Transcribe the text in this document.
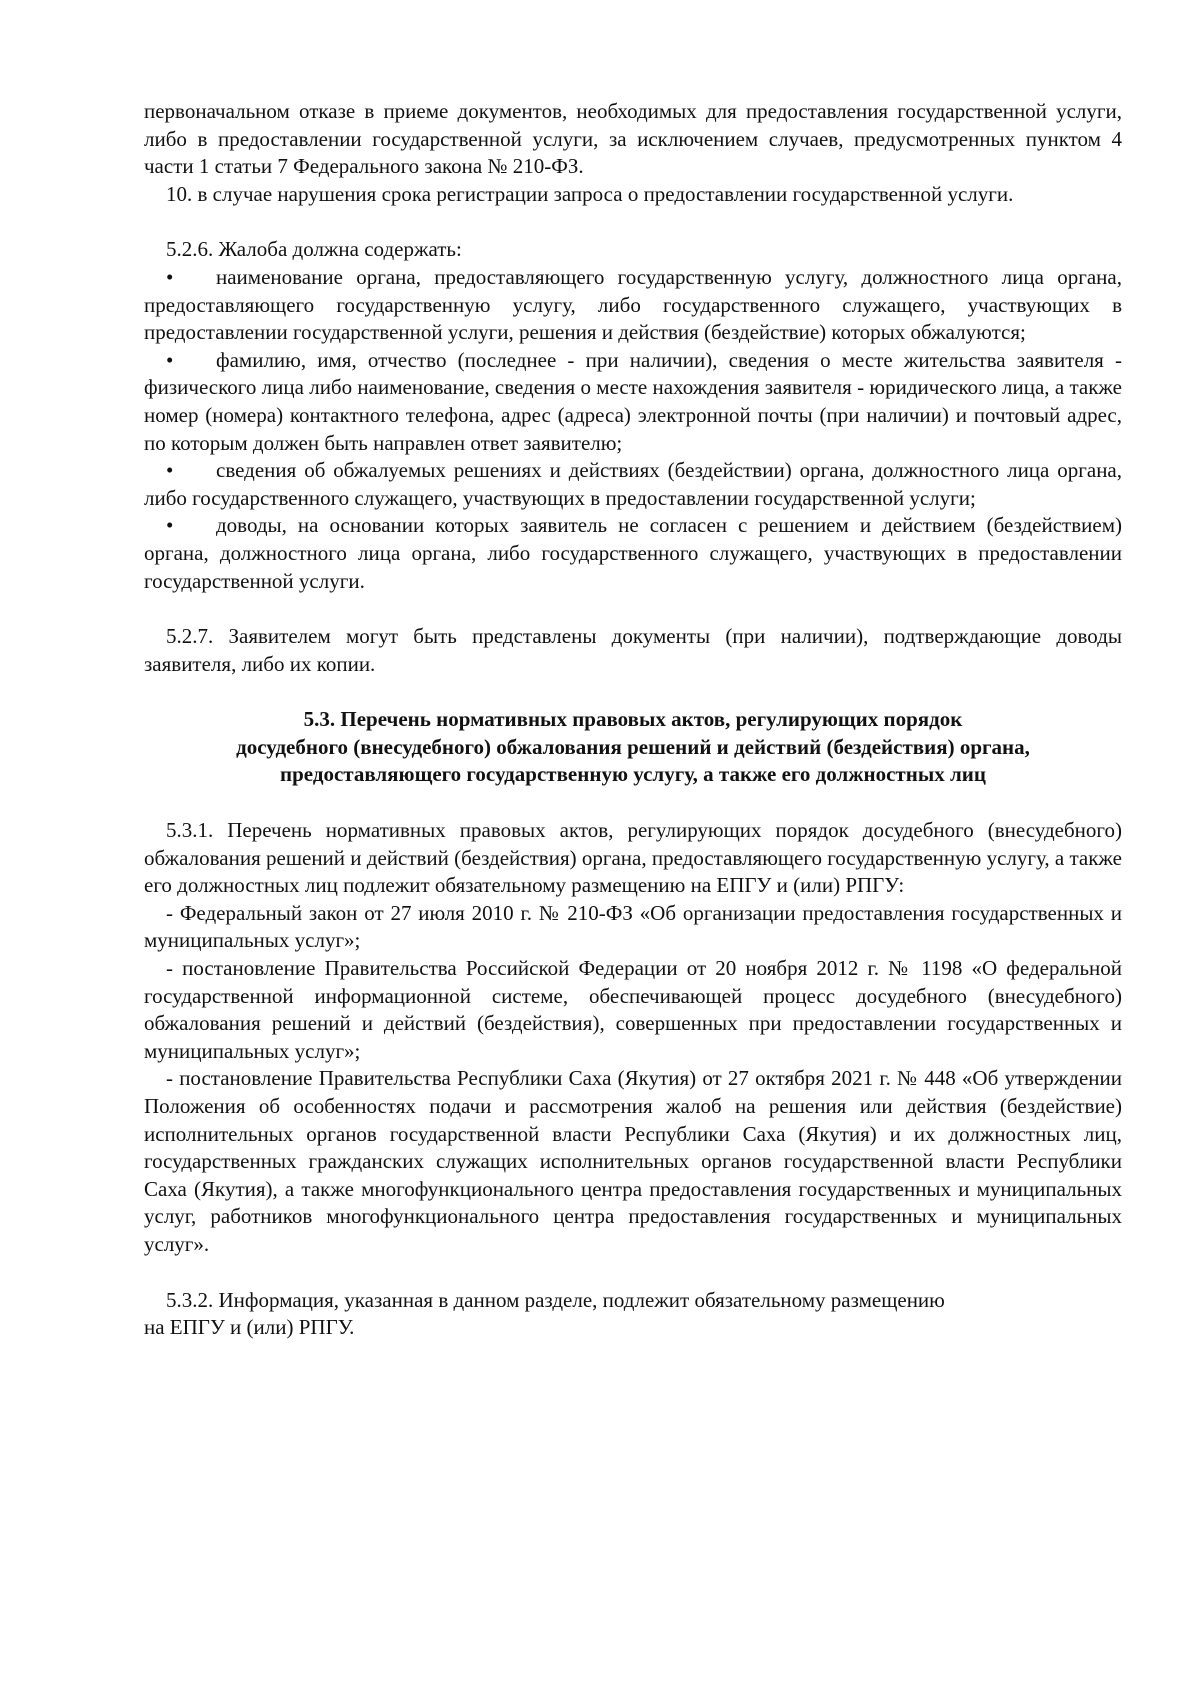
первоначальном отказе в приеме документов, необходимых для предоставления государственной услуги, либо в предоставлении государственной услуги, за исключением случаев, предусмотренных пунктом 4 части 1 статьи 7 Федерального закона № 210-ФЗ.

10. в случае нарушения срока регистрации запроса о предоставлении государственной услуги.

5.2.6. Жалоба должна содержать:

• наименование органа, предоставляющего государственную услугу, должностного лица органа, предоставляющего государственную услугу, либо государственного служащего, участвующих в предоставлении государственной услуги, решения и действия (бездействие) которых обжалуются;

• фамилию, имя, отчество (последнее - при наличии), сведения о месте жительства заявителя - физического лица либо наименование, сведения о месте нахождения заявителя - юридического лица, а также номер (номера) контактного телефона, адрес (адреса) электронной почты (при наличии) и почтовый адрес, по которым должен быть направлен ответ заявителю;

• сведения об обжалуемых решениях и действиях (бездействии) органа, должностного лица органа, либо государственного служащего, участвующих в предоставлении государственной услуги;

• доводы, на основании которых заявитель не согласен с решением и действием (бездействием) органа, должностного лица органа, либо государственного служащего, участвующих в предоставлении государственной услуги.

5.2.7. Заявителем могут быть представлены документы (при наличии), подтверждающие доводы заявителя, либо их копии.

5.3. Перечень нормативных правовых актов, регулирующих порядок

досудебного (внесудебного) обжалования решений и действий (бездействия) органа,

предоставляющего государственную услугу, а также его должностных лиц

5.3.1. Перечень нормативных правовых актов, регулирующих порядок досудебного (внесудебного) обжалования решений и действий (бездействия) органа, предоставляющего государственную услугу, а также его должностных лиц подлежит обязательному размещению на ЕПГУ и (или) РПГУ:

- Федеральный закон от 27 июля 2010 г. № 210-ФЗ «Об организации предоставления государственных и муниципальных услуг»;

- постановление Правительства Российской Федерации от 20 ноября 2012 г. № 1198 «О федеральной государственной информационной системе, обеспечивающей процесс досудебного (внесудебного) обжалования решений и действий (бездействия), совершенных при предоставлении государственных и муниципальных услуг»;

- постановление Правительства Республики Саха (Якутия) от 27 октября 2021 г. № 448 «Об утверждении Положения об особенностях подачи и рассмотрения жалоб на решения или действия (бездействие) исполнительных органов государственной власти Республики Саха (Якутия) и их должностных лиц, государственных гражданских служащих исполнительных органов государственной власти Республики Саха (Якутия), а также многофункционального центра предоставления государственных и муниципальных услуг, работников многофункционального центра предоставления государственных и муниципальных услуг».

5.3.2. Информация, указанная в данном разделе, подлежит обязательному размещению

на ЕПГУ и (или) РПГУ.
